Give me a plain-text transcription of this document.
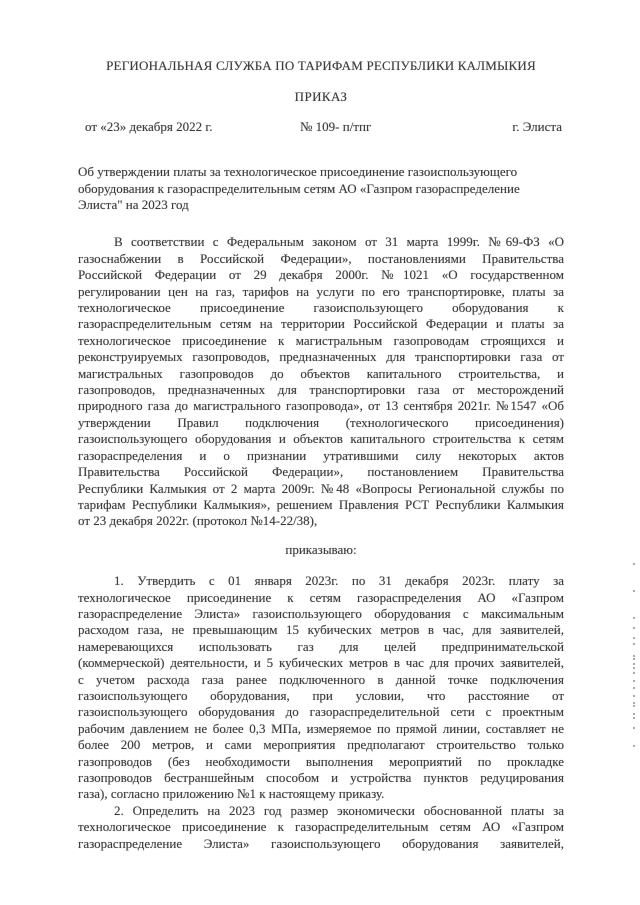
РЕГИОНАЛЬНАЯ СЛУЖБА ПО ТАРИФАМ РЕСПУБЛИКИ КАЛМЫКИЯ
ПРИКАЗ
от «23» декабря 2022 г.	№ 109- п/тпг	г. Элиста
Об утверждении платы за технологическое присоединение газоиспользующего
оборудования к газораспределительным сетям АО «Газпром газораспределение
Элиста" на 2023 год
В соответствии с Федеральным законом от 31 марта 1999г. №69-ФЗ «О
газоснабжении в Российской Федерации», постановлениями Правительства
Российской Федерации от 29 декабря 2000г. №1021 «О государственном
регулировании цен на газ, тарифов на услуги по его транспортировке, платы за
технологическое присоединение газоиспользующего оборудования к
газораспределительным сетям на территории Российской Федерации и платы за
технологическое присоединение к магистральным газопроводам строящихся и
реконструируемых газопроводов, предназначенных для транспортировки газа от
магистральных газопроводов до объектов капитального строительства, и
газопроводов, предназначенных для транспортировки газа от месторождений
природного газа до магистрального газопровода», от 13 сентября 2021г. №1547 «Об
утверждении Правил подключения (технологического присоединения)
газоиспользующего оборудования и объектов капитального строительства к сетям
газораспределения и о признании утратившими силу некоторых актов
Правительства Российской Федерации», постановлением Правительства
Республики Калмыкия от 2 марта 2009г. №48 «Вопросы Региональной службы по
тарифам Республики Калмыкия», решением Правления РСТ Республики Калмыкия
от 23 декабря 2022г. (протокол №14-22/38),
приказываю:
1. Утвердить с 01 января 2023г. по 31 декабря 2023г. плату за
технологическое присоединение к сетям газораспределения АО «Газпром
газораспределение Элиста» газоиспользующего оборудования с максимальным
расходом газа, не превышающим 15 кубических метров в час, для заявителей,
намеревающихся использовать газ для целей предпринимательской
(коммерческой) деятельности, и 5 кубических метров в час для прочих заявителей,
с учетом расхода газа ранее подключенного в данной точке подключения
газоиспользующего оборудования, при условии, что расстояние от
газоиспользующего оборудования до газораспределительной сети с проектным
рабочим давлением не более 0,3 МПа, измеряемое по прямой линии, составляет не
более 200 метров, и сами мероприятия предполагают строительство только
газопроводов (без необходимости выполнения мероприятий по прокладке
газопроводов бестраншейным способом и устройства пунктов редуцирования
газа), согласно приложению №1 к настоящему приказу.
2. Определить на 2023 год размер экономически обоснованной платы за
технологическое присоединение к газораспределительным сетям АО «Газпром
газораспределение Элиста» газоиспользующего оборудования заявителей,
